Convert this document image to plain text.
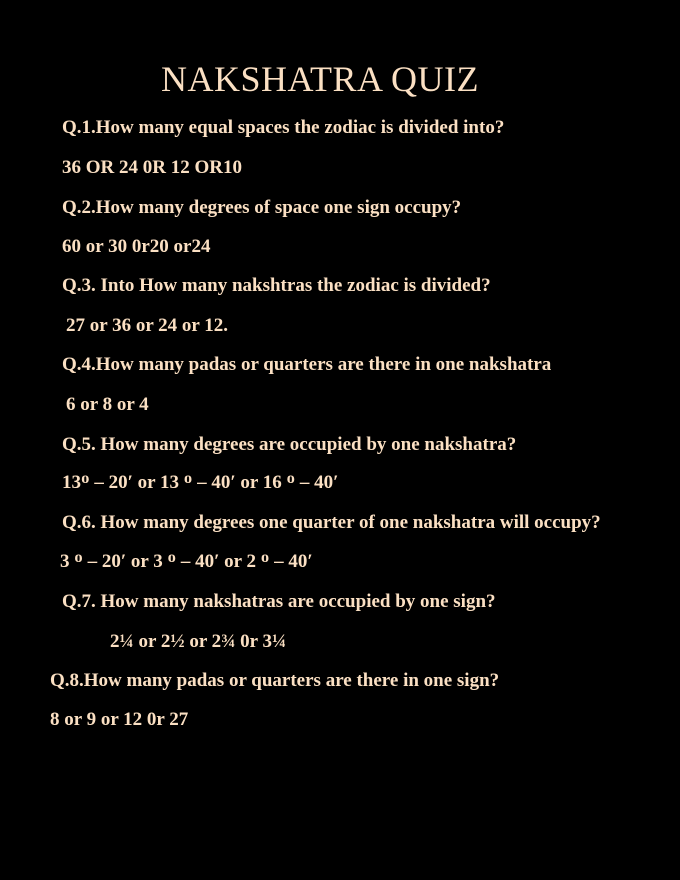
NAKSHATRA QUIZ
Q.1.How many equal spaces the zodiac is divided into?
36 OR 24 0R 12 OR10
Q.2.How many degrees of space one sign occupy?
60 or 30 0r20 or24
Q.3. Into How many nakshtras the zodiac is divided?
27 or 36 or 24 or 12.
Q.4.How many padas or quarters are there in one nakshatra
6 or 8 or 4
Q.5. How many degrees are occupied by one nakshatra?
13ᴼ – 20′ or 13 ᴼ – 40′ or 16 ᴼ – 40′
Q.6. How many degrees one quarter of one nakshatra will occupy?
3 ᴼ – 20′ or 3 ᴼ – 40′ or 2 ᴼ – 40′
Q.7. How many nakshatras are occupied by one sign?
2¼ or 2½ or 2¾ 0r 3¼
Q.8.How many padas or quarters are there in one sign?
8 or 9 or 12 0r 27
